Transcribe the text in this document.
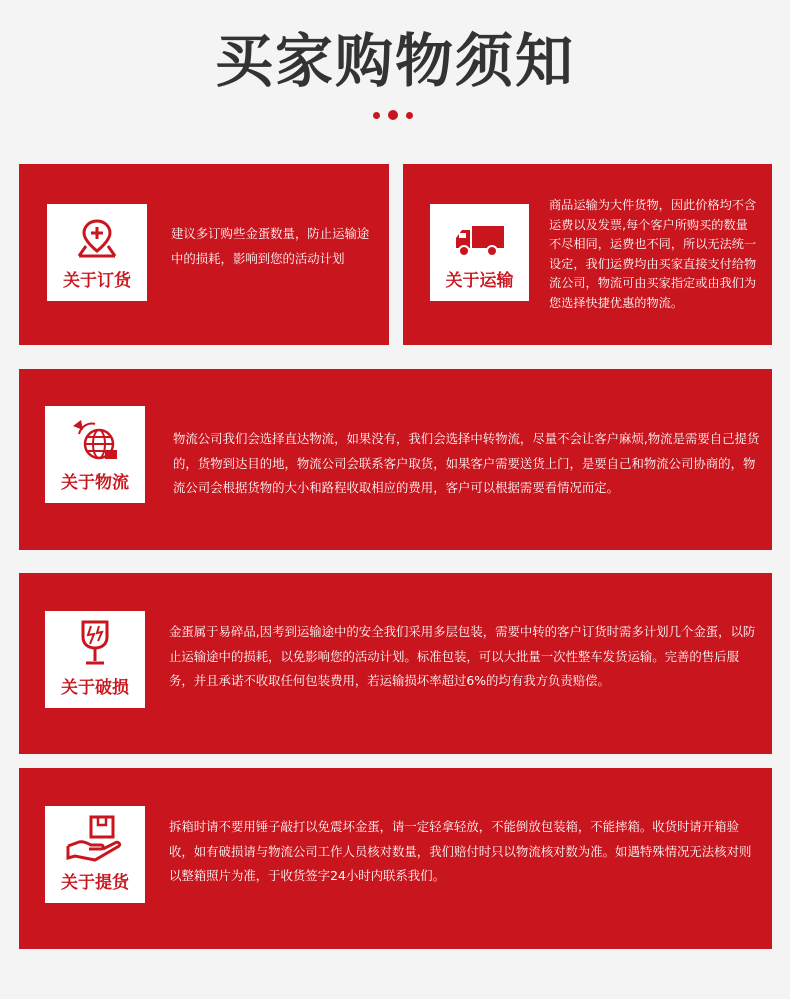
买家购物须知
关于订货

建议多订购些金蛋数量，防止运输途中的损耗，影响到您的活动计划

关于运输

商品运输为大件货物，因此价格均不含运费以及发票,每个客户所购买的数量不尽相同，运费也不同，所以无法统一设定，我们运费均由买家直接支付给物流公司，物流可由买家指定或由我们为您选择快捷优惠的物流。

关于物流

物流公司我们会选择直达物流，如果没有，我们会选择中转物流，尽量不会让客户麻烦,物流是需要自己提货的，货物到达目的地，物流公司会联系客户取货，如果客户需要送货上门，是要自己和物流公司协商的，物流公司会根据货物的大小和路程收取相应的费用，客户可以根据需要看情况而定。

关于破损

金蛋属于易碎品,因考到运输途中的安全我们采用多层包装，需要中转的客户订货时需多计划几个金蛋，以防止运输途中的损耗，以免影响您的活动计划。标准包装，可以大批量一次性整车发货运输。完善的售后服务，并且承诺不收取任何包装费用，若运输损坏率超过6%的均有我方负责赔偿。

关于提货

拆箱时请不要用锤子敲打以免震坏金蛋，请一定轻拿轻放，不能倒放包装箱，不能摔箱。收货时请开箱验收，如有破损请与物流公司工作人员核对数量，我们赔付时只以物流核对数为准。如遇特殊情况无法核对则以整箱照片为准，于收货签字24小时内联系我们。
